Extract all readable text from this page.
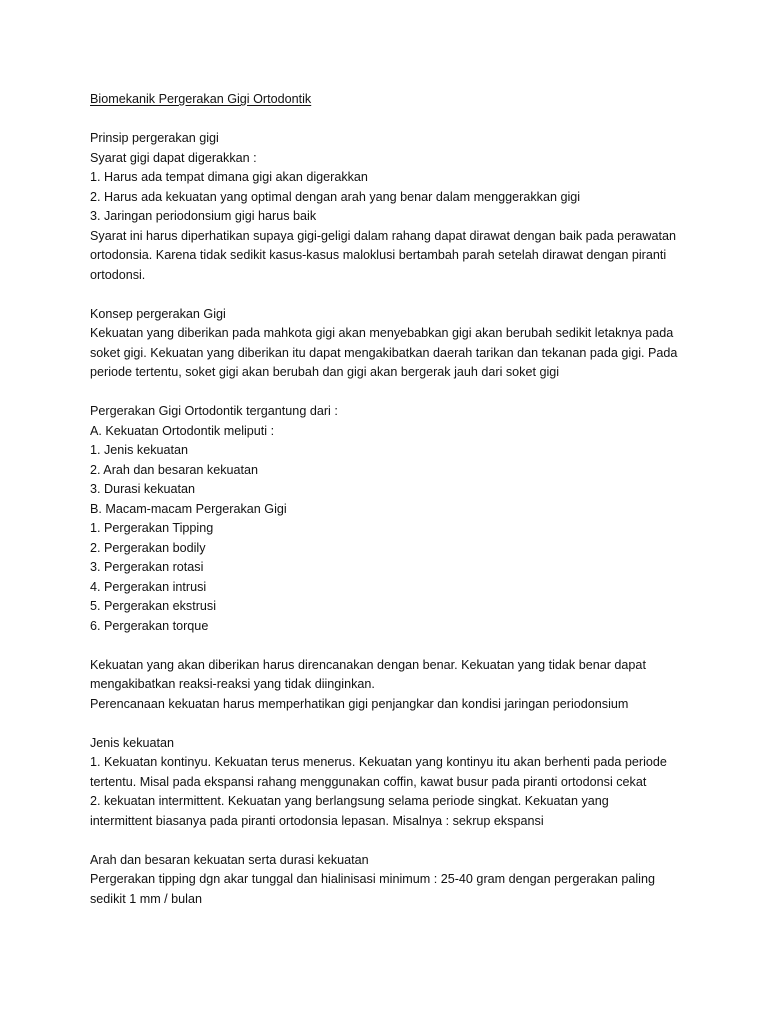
Biomekanik Pergerakan Gigi Ortodontik

Prinsip pergerakan gigi

Syarat gigi dapat digerakkan :

1. Harus ada tempat dimana gigi akan digerakkan

2. Harus ada kekuatan yang optimal dengan arah yang benar dalam menggerakkan gigi

3. Jaringan periodonsium gigi harus baik

Syarat ini harus diperhatikan supaya gigi-geligi dalam rahang dapat dirawat dengan baik pada perawatan

ortodonsia. Karena tidak sedikit kasus-kasus maloklusi bertambah parah setelah dirawat dengan piranti

ortodonsi.

Konsep pergerakan Gigi

Kekuatan yang diberikan pada mahkota gigi akan menyebabkan gigi akan berubah sedikit letaknya pada

soket gigi. Kekuatan yang diberikan itu dapat mengakibatkan daerah tarikan dan tekanan pada gigi. Pada

periode tertentu, soket gigi akan berubah dan gigi akan bergerak jauh dari soket gigi

Pergerakan Gigi Ortodontik tergantung dari :

A. Kekuatan Ortodontik meliputi :

1. Jenis kekuatan

2. Arah dan besaran kekuatan

3. Durasi kekuatan

B. Macam-macam Pergerakan Gigi

1. Pergerakan Tipping

2. Pergerakan bodily

3. Pergerakan rotasi

4. Pergerakan intrusi

5. Pergerakan ekstrusi

6. Pergerakan torque

Kekuatan yang akan diberikan harus direncanakan dengan benar. Kekuatan yang tidak benar dapat

mengakibatkan reaksi-reaksi yang tidak diinginkan.

Perencanaan kekuatan harus memperhatikan gigi penjangkar dan kondisi jaringan periodonsium

Jenis kekuatan

1. Kekuatan kontinyu. Kekuatan terus menerus. Kekuatan yang kontinyu itu akan berhenti pada periode

tertentu. Misal pada ekspansi rahang menggunakan coffin, kawat busur pada piranti ortodonsi cekat

2. kekuatan intermittent. Kekuatan yang berlangsung selama periode singkat. Kekuatan yang

intermittent biasanya pada piranti ortodonsia lepasan. Misalnya : sekrup ekspansi

Arah dan besaran kekuatan serta durasi kekuatan

Pergerakan tipping dgn akar tunggal dan hialinisasi minimum : 25-40 gram dengan pergerakan paling

sedikit 1 mm / bulan
